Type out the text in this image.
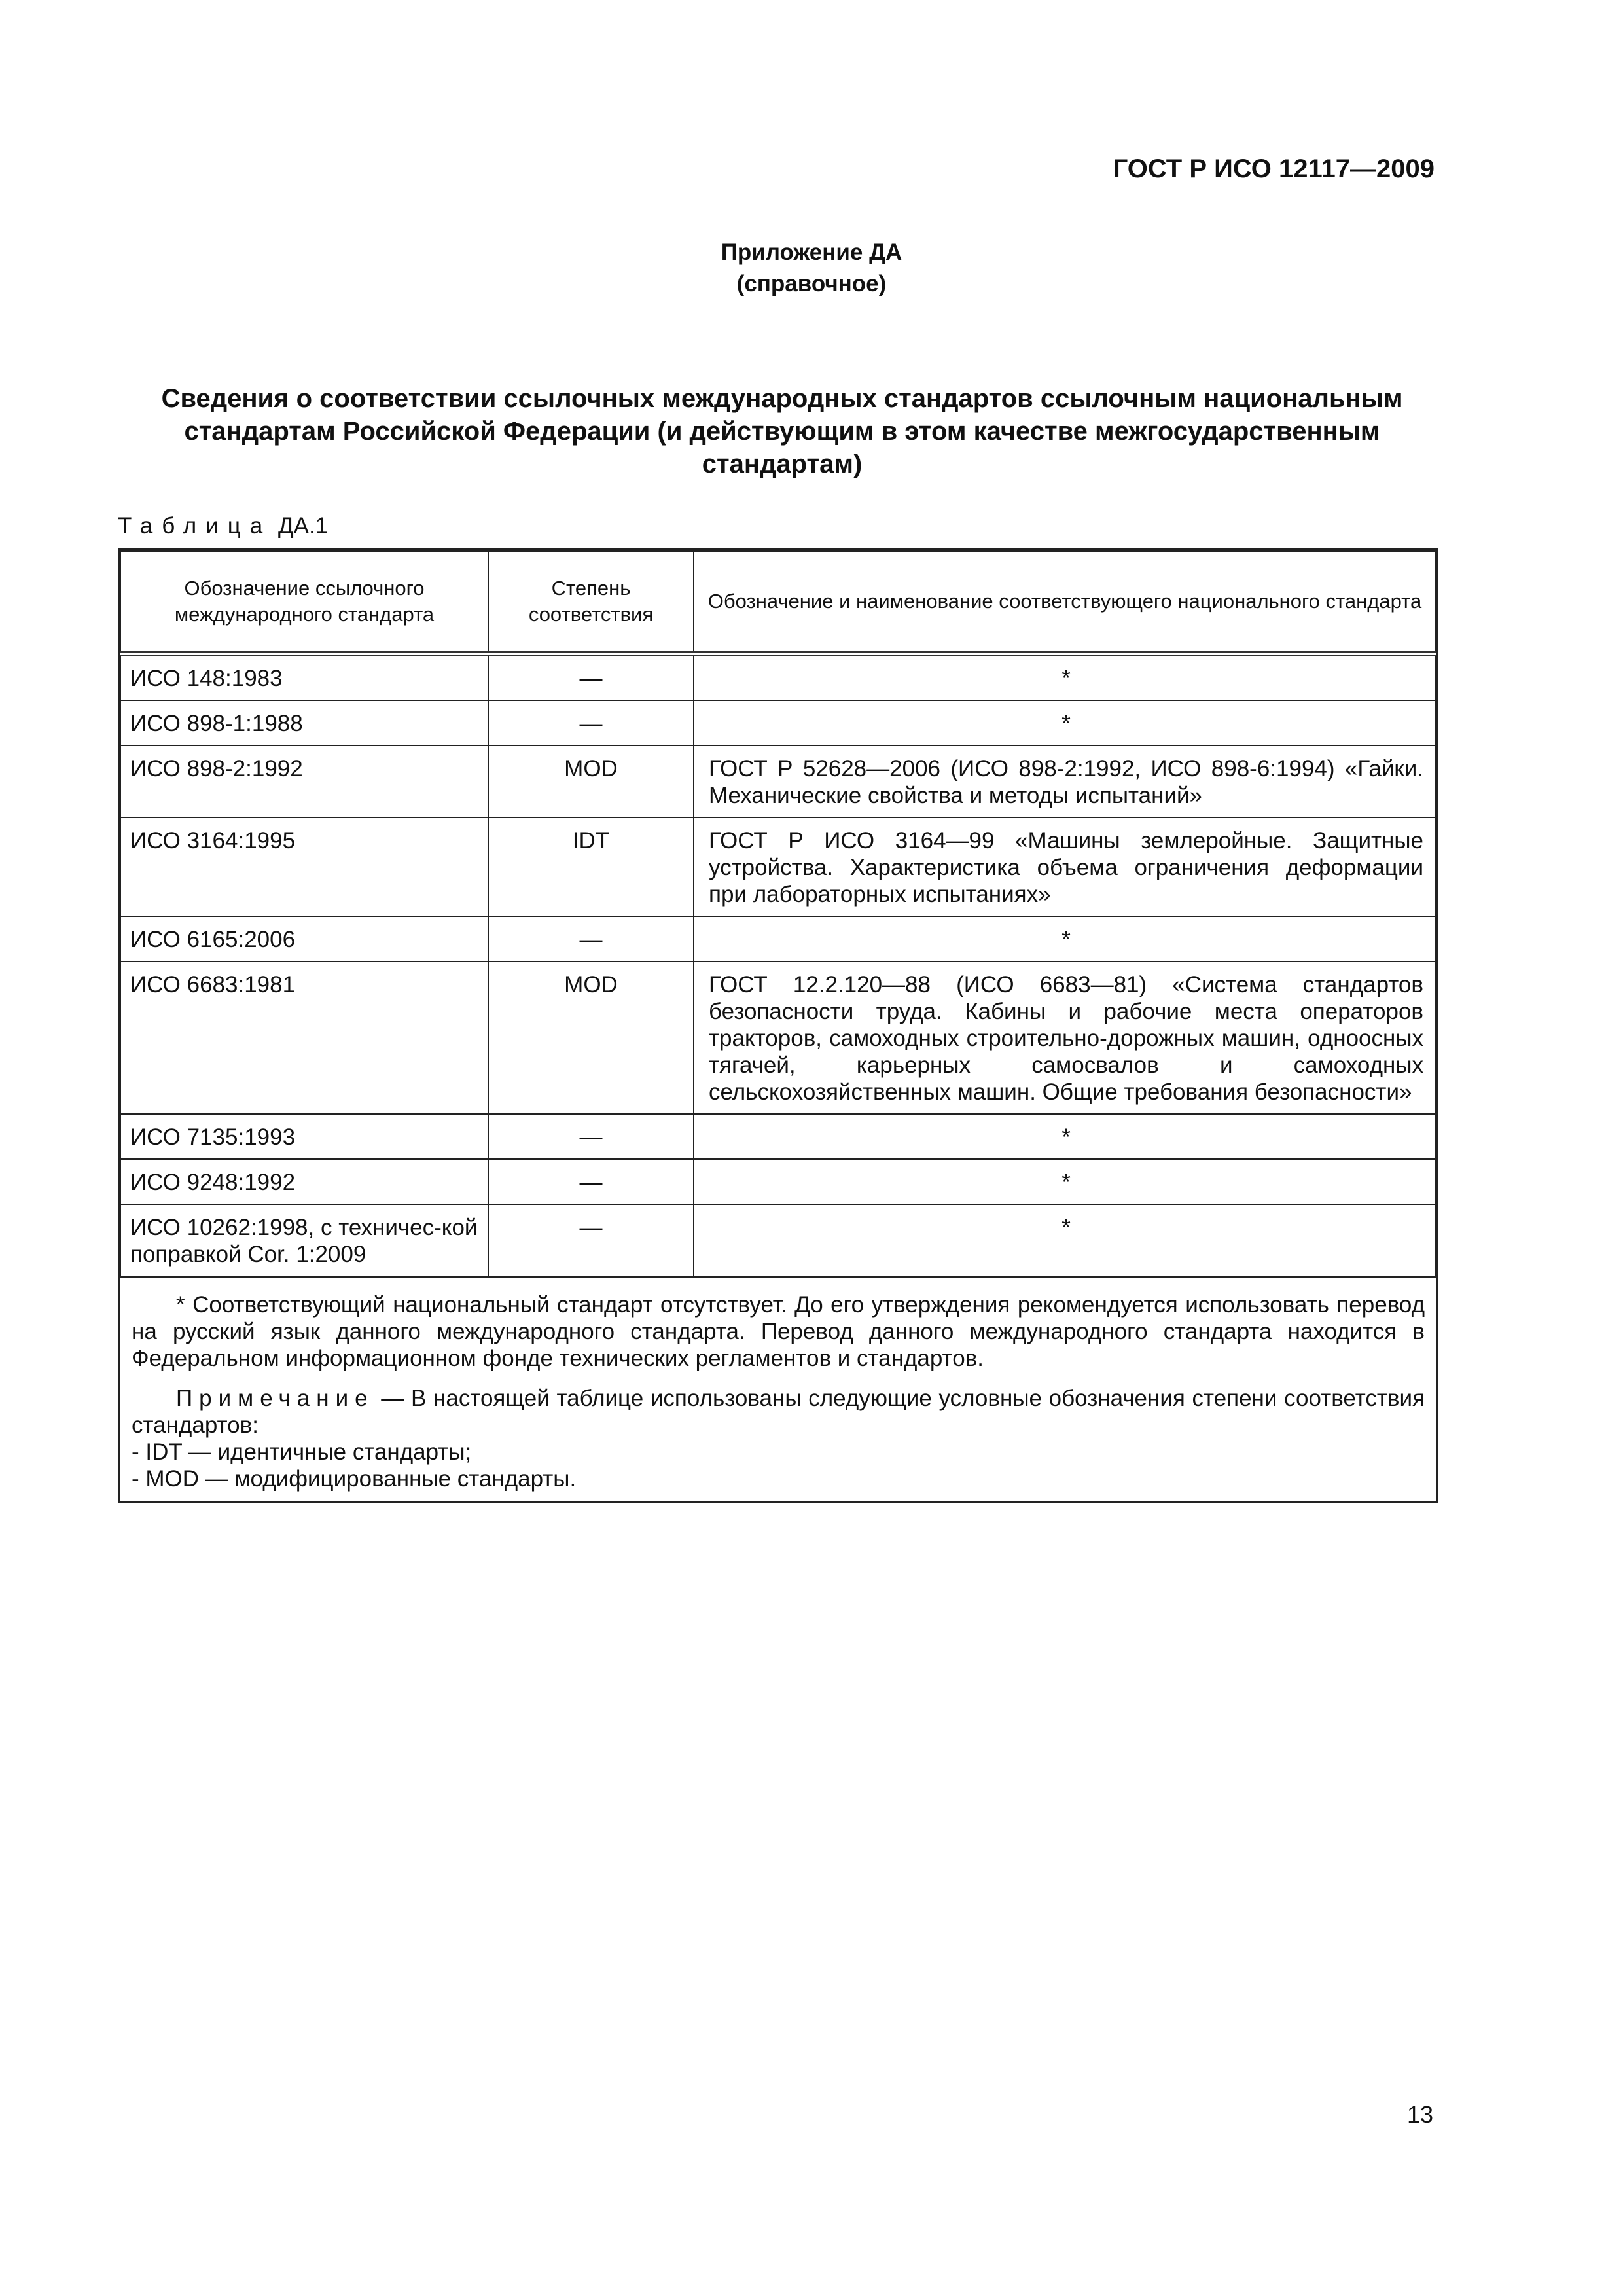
ГОСТ Р ИСО 12117—2009
Приложение ДА
(справочное)
Сведения о соответствии ссылочных международных стандартов ссылочным национальным стандартам Российской Федерации (и действующим в этом качестве межгосударственным стандартам)
Таблица ДА.1
Обозначение ссылочного международного стандарта	Степень соответствия	Обозначение и наименование соответствующего национального стандарта
ИСО 148:1983	—	*
ИСО 898-1:1988	—	*
ИСО 898-2:1992	MOD	ГОСТ Р 52628—2006 (ИСО 898-2:1992, ИСО 898-6:1994) «Гайки. Механические свойства и методы испытаний»
ИСО 3164:1995	IDT	ГОСТ Р ИСО 3164—99 «Машины землеройные. Защитные устройства. Характеристика объема ограничения деформации при лабораторных испытаниях»
ИСО 6165:2006	—	*
ИСО 6683:1981	MOD	ГОСТ 12.2.120—88 (ИСО 6683—81) «Система стандартов безопасности труда. Кабины и рабочие места операторов тракторов, самоходных строительно-дорожных машин, одноосных тягачей, карьерных самосвалов и самоходных сельскохозяйственных машин. Общие требования безопасности»
ИСО 7135:1993	—	*
ИСО 9248:1992	—	*
ИСО 10262:1998, с техничес-кой поправкой Cor. 1:2009	—	*

* Соответствующий национальный стандарт отсутствует. До его утверждения рекомендуется использовать перевод на русский язык данного международного стандарта. Перевод данного международного стандарта находится в Федеральном информационном фонде технических регламентов и стандартов.

Примечание — В настоящей таблице использованы следующие условные обозначения степени соответствия стандартов:

- IDT — идентичные стандарты;

- MOD — модифицированные стандарты.

13
